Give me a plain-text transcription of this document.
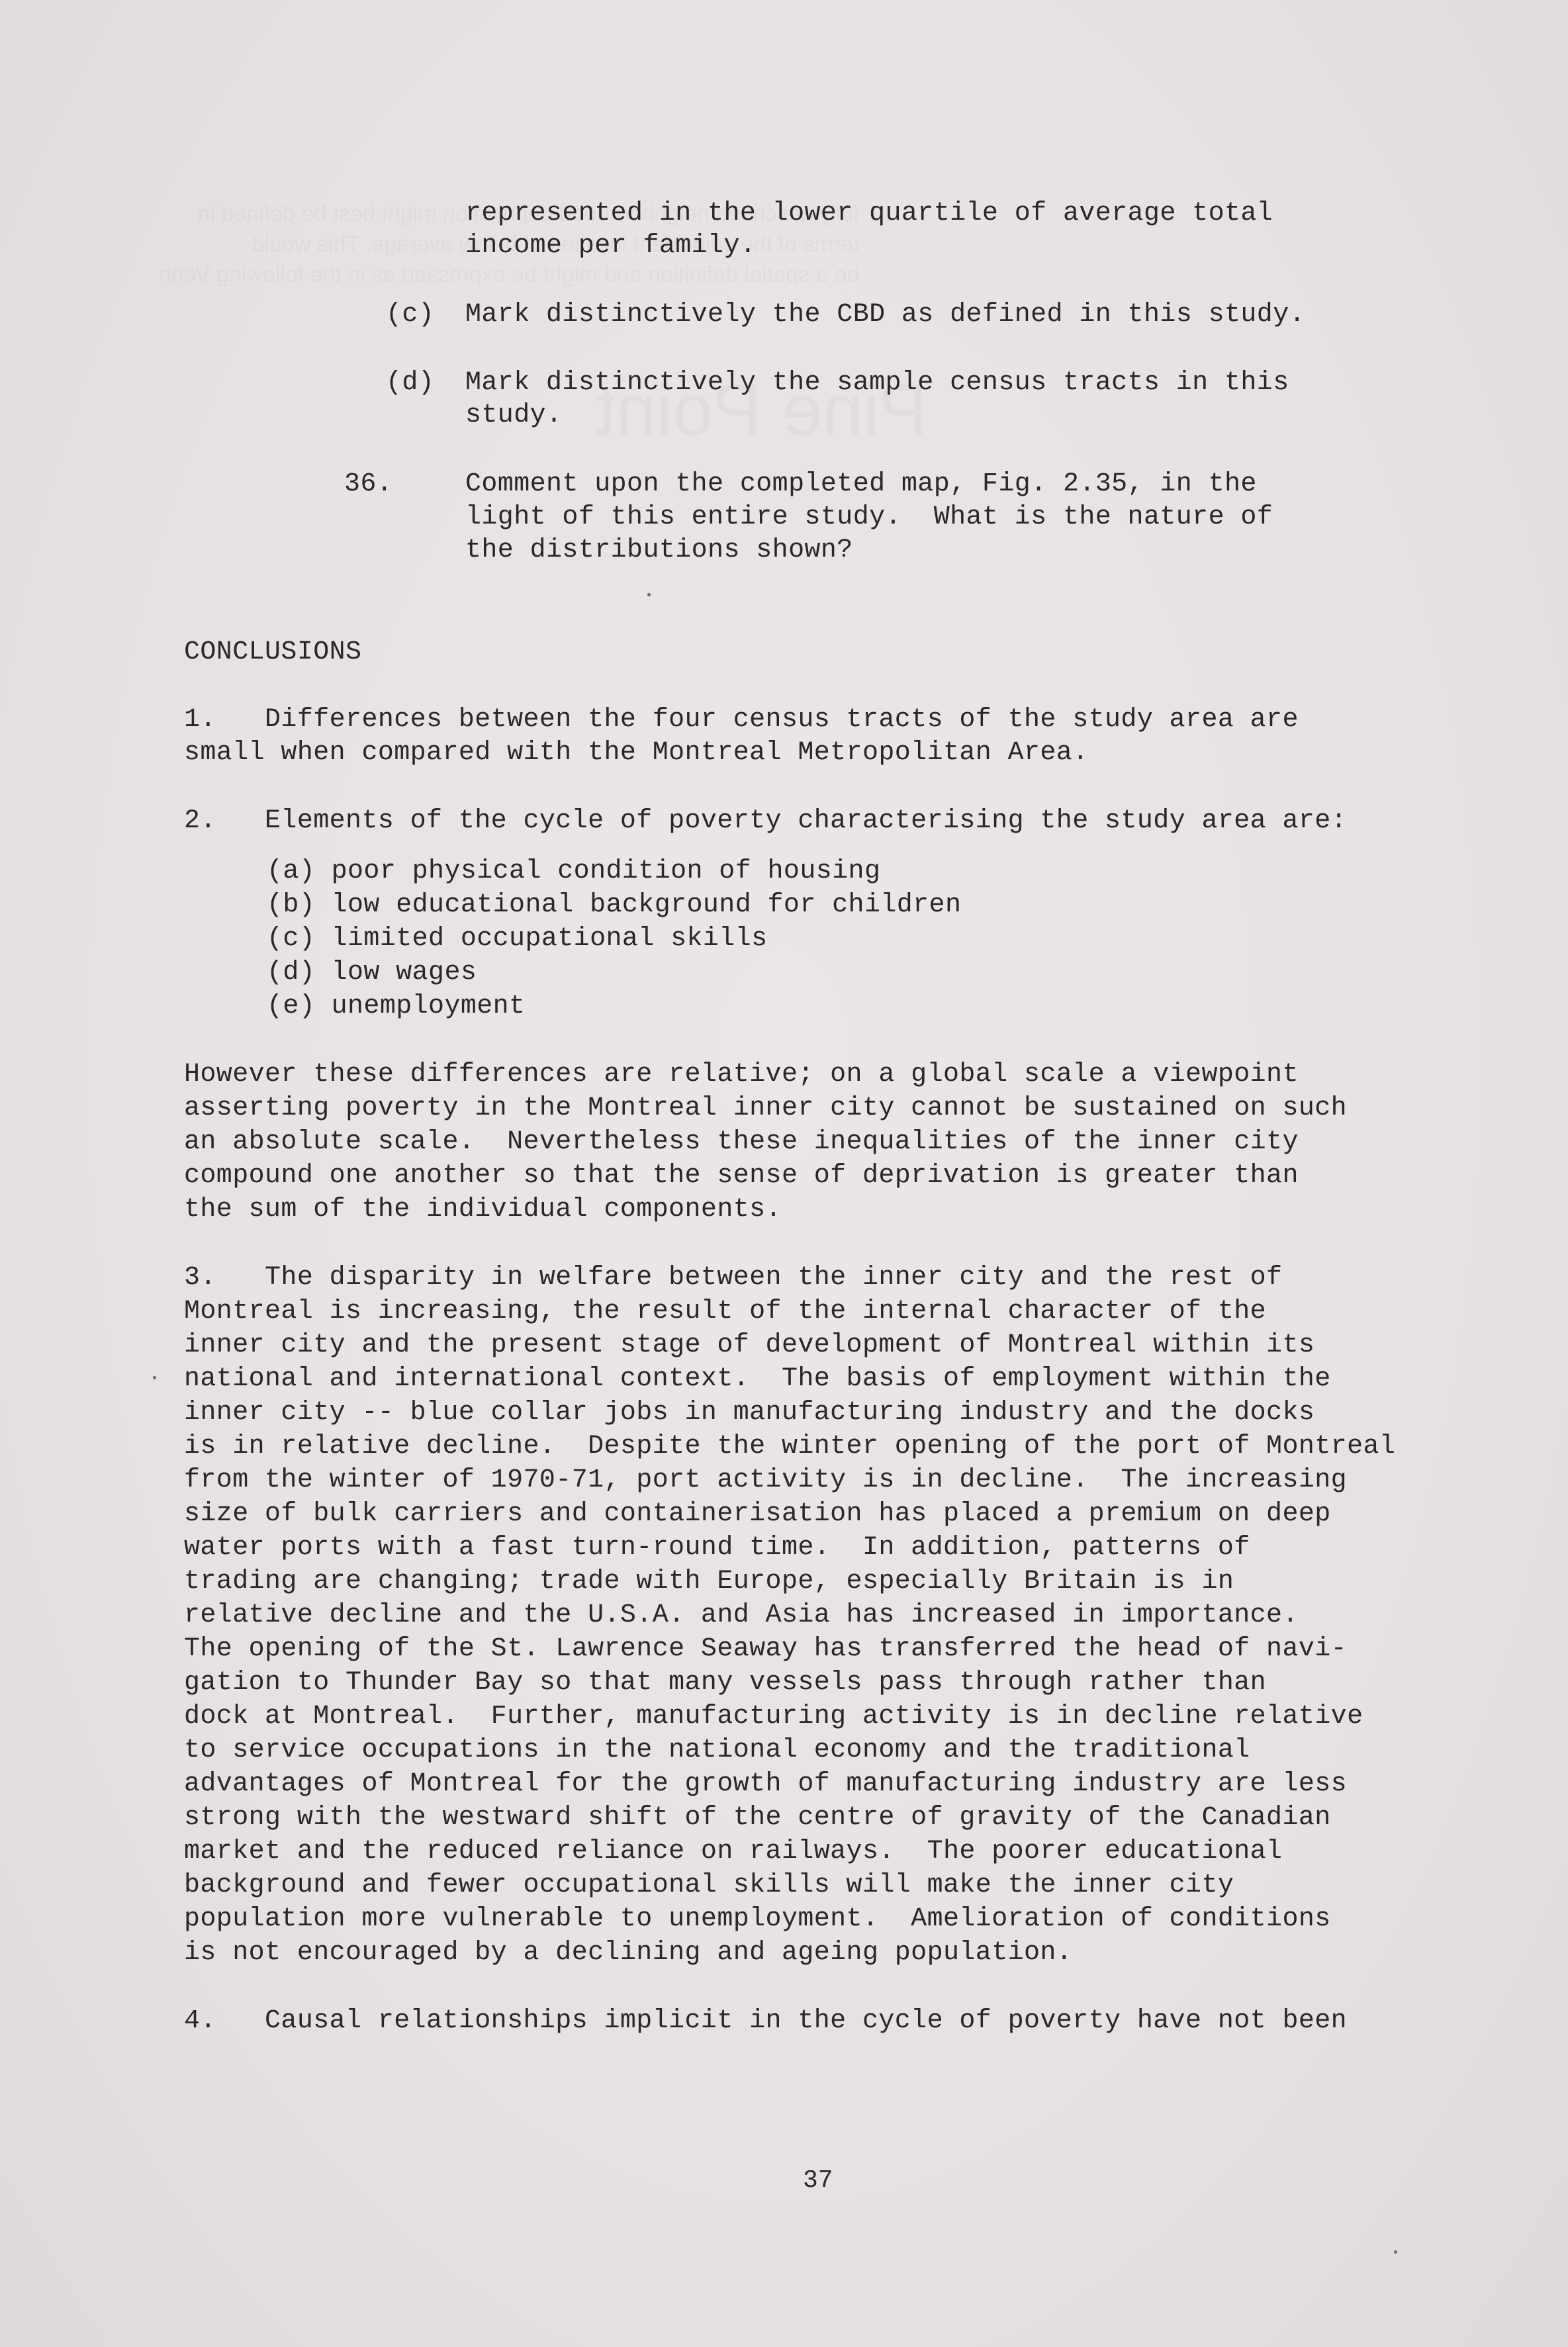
represented in the lower quartile of average total
income per family.
(c) Mark distinctively the CBD as defined in this study.
(d) Mark distinctively the sample census tracts in this
study.
36.	Comment upon the completed map, Fig. 2.35, in the
light of this entire study.  What is the nature of
the distributions shown?
CONCLUSIONS
1.   Differences between the four census tracts of the study area are
small when compared with the Montreal Metropolitan Area.
2.   Elements of the cycle of poverty characterising the study area are:
(a) poor physical condition of housing
(b) low educational background for children
(c) limited occupational skills
(d) low wages
(e) unemployment
However these differences are relative; on a global scale a viewpoint
asserting poverty in the Montreal inner city cannot be sustained on such
an absolute scale.  Nevertheless these inequalities of the inner city
compound one another so that the sense of deprivation is greater than
the sum of the individual components.
3.   The disparity in welfare between the inner city and the rest of
Montreal is increasing, the result of the internal character of the
inner city and the present stage of development of Montreal within its
national and international context.  The basis of employment within the
inner city -- blue collar jobs in manufacturing industry and the docks
is in relative decline.  Despite the winter opening of the port of Montreal
from the winter of 1970-71, port activity is in decline.  The increasing
size of bulk carriers and containerisation has placed a premium on deep
water ports with a fast turn-round time.  In addition, patterns of
trading are changing; trade with Europe, especially Britain is in
relative decline and the U.S.A. and Asia has increased in importance.
The opening of the St. Lawrence Seaway has transferred the head of navi-
gation to Thunder Bay so that many vessels pass through rather than
dock at Montreal.  Further, manufacturing activity is in decline relative
to service occupations in the national economy and the traditional
advantages of Montreal for the growth of manufacturing industry are less
strong with the westward shift of the centre of gravity of the Canadian
market and the reduced reliance on railways.  The poorer educational
background and fewer occupational skills will make the inner city
population more vulnerable to unemployment.  Amelioration of conditions
is not encouraged by a declining and ageing population.
4.   Causal relationships implicit in the cycle of poverty have not been
37
